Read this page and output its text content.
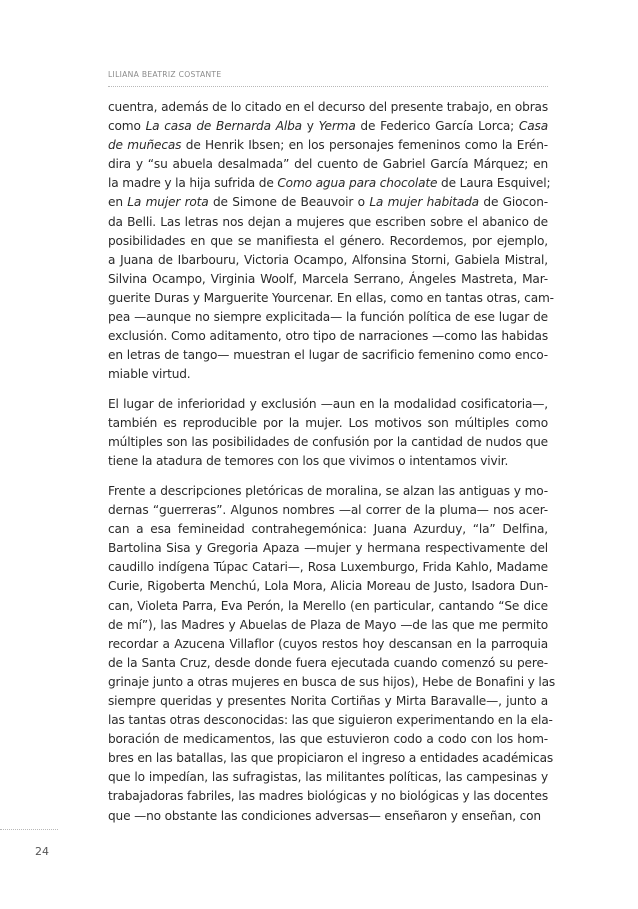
LILIANA BEATRIZ COSTANTE
cuentra, además de lo citado en el decurso del presente trabajo, en obras
como La casa de Bernarda Alba y Yerma de Federico García Lorca; Casa
de muñecas de Henrik Ibsen; en los personajes femeninos como la Erén-
dira y “su abuela desalmada” del cuento de Gabriel García Márquez; en
la madre y la hija sufrida de Como agua para chocolate de Laura Esquivel;
en La mujer rota de Simone de Beauvoir o La mujer habitada de Giocon-
da Belli. Las letras nos dejan a mujeres que escriben sobre el abanico de
posibilidades en que se manifiesta el género. Recordemos, por ejemplo,
a Juana de Ibarbouru, Victoria Ocampo, Alfonsina Storni, Gabiela Mistral,
Silvina Ocampo, Virginia Woolf, Marcela Serrano, Ángeles Mastreta, Mar-
guerite Duras y Marguerite Yourcenar. En ellas, como en tantas otras, cam-
pea —aunque no siempre explicitada— la función política de ese lugar de
exclusión. Como aditamento, otro tipo de narraciones —como las habidas
en letras de tango— muestran el lugar de sacrificio femenino como enco-
miable virtud.
El lugar de inferioridad y exclusión —aun en la modalidad cosificatoria—,
también es reproducible por la mujer. Los motivos son múltiples como
múltiples son las posibilidades de confusión por la cantidad de nudos que
tiene la atadura de temores con los que vivimos o intentamos vivir.
Frente a descripciones pletóricas de moralina, se alzan las antiguas y mo-
dernas “guerreras”. Algunos nombres —al correr de la pluma— nos acer-
can a esa femineidad contrahegemónica: Juana Azurduy, “la” Delfina,
Bartolina Sisa y Gregoria Apaza —mujer y hermana respectivamente del
caudillo indígena Túpac Catari—, Rosa Luxemburgo, Frida Kahlo, Madame
Curie, Rigoberta Menchú, Lola Mora, Alicia Moreau de Justo, Isadora Dun-
can, Violeta Parra, Eva Perón, la Merello (en particular, cantando “Se dice
de mí”), las Madres y Abuelas de Plaza de Mayo —de las que me permito
recordar a Azucena Villaflor (cuyos restos hoy descansan en la parroquia
de la Santa Cruz, desde donde fuera ejecutada cuando comenzó su pere-
grinaje junto a otras mujeres en busca de sus hijos), Hebe de Bonafini y las
siempre queridas y presentes Norita Cortiñas y Mirta Baravalle—, junto a
las tantas otras desconocidas: las que siguieron experimentando en la ela-
boración de medicamentos, las que estuvieron codo a codo con los hom-
bres en las batallas, las que propiciaron el ingreso a entidades académicas
que lo impedían, las sufragistas, las militantes políticas, las campesinas y
trabajadoras fabriles, las madres biológicas y no biológicas y las docentes
que —no obstante las condiciones adversas— enseñaron y enseñan, con
24
